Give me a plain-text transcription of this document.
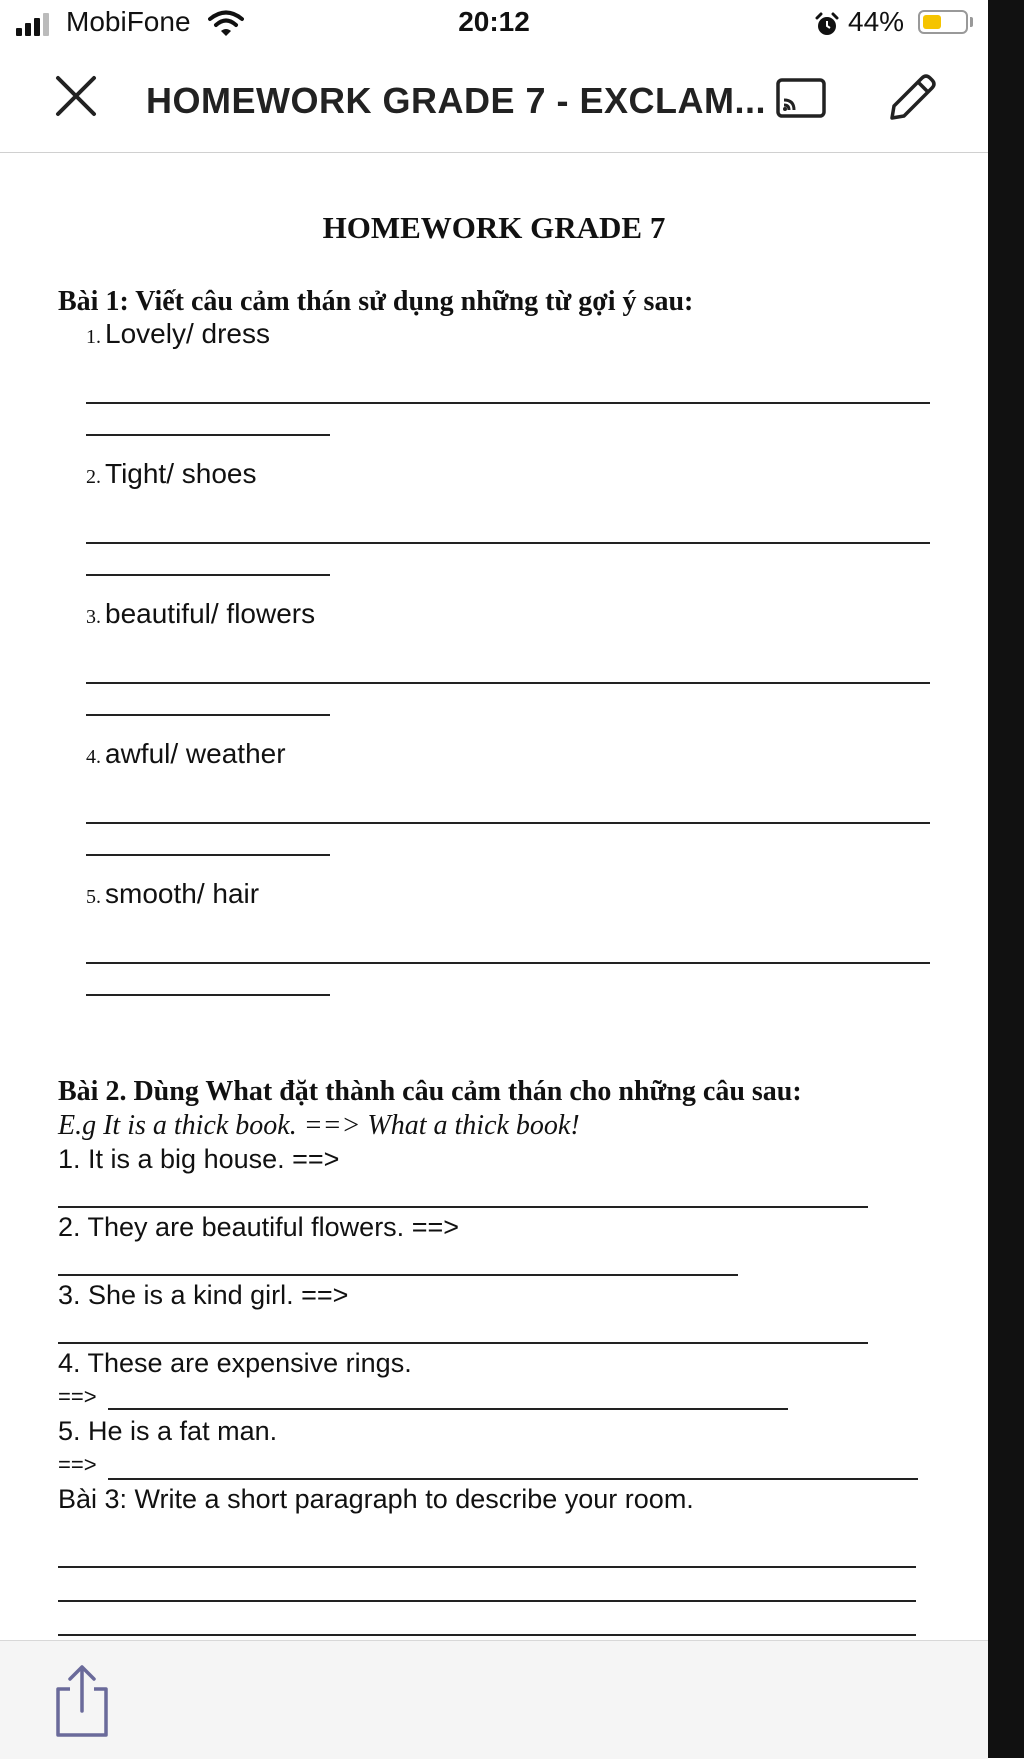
MobiFone	20:12	44%
HOMEWORK GRADE 7 - EXCLAM...
HOMEWORK GRADE 7
Bài 1: Viết câu cảm thán sử dụng những từ gợi ý sau:
1. Lovely/ dress
2. Tight/ shoes
3. beautiful/ flowers
4. awful/ weather
5. smooth/ hair
Bài 2. Dùng What đặt thành câu cảm thán cho những câu sau:
E.g It is a thick book. ==> What a thick book!
1. It is a big house. ==>
2. They are beautiful flowers. ==>
3. She is a kind girl. ==>
4. These are expensive rings.
==>
5. He is a fat man.
==>
Bài 3: Write a short paragraph to describe your room.
